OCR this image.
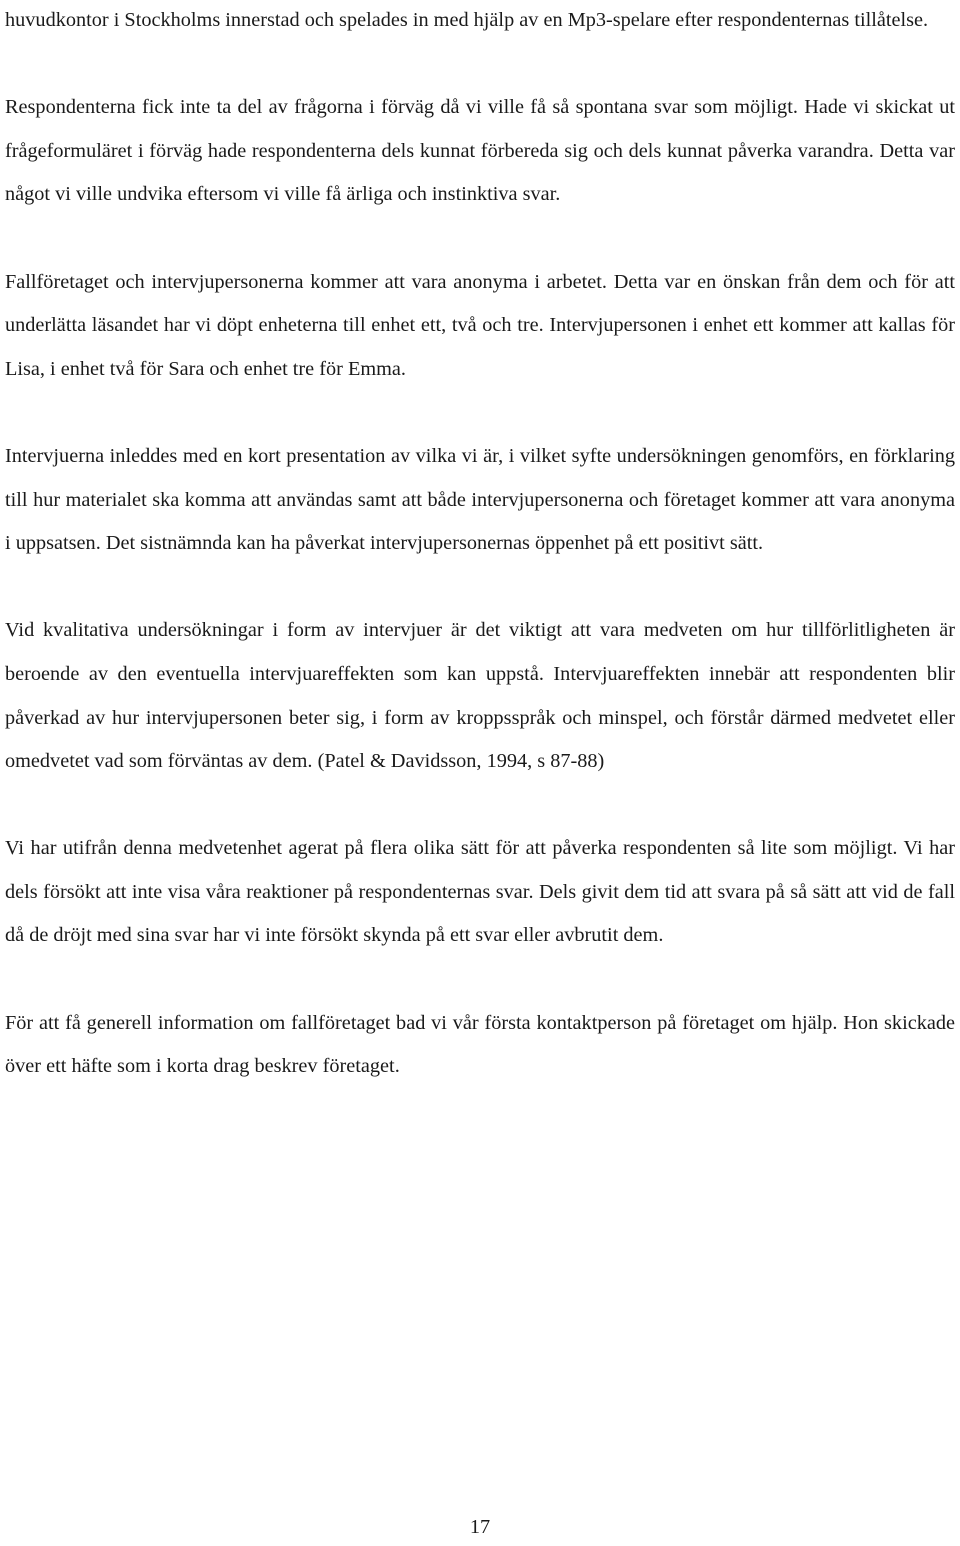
huvudkontor i Stockholms innerstad och spelades in med hjälp av en Mp3-spelare efter respondenternas tillåtelse.

Respondenterna fick inte ta del av frågorna i förväg då vi ville få så spontana svar som möjligt. Hade vi skickat ut frågeformuläret i förväg hade respondenterna dels kunnat förbereda sig och dels kunnat påverka varandra. Detta var något vi ville undvika eftersom vi ville få ärliga och instinktiva svar.

Fallföretaget och intervjupersonerna kommer att vara anonyma i arbetet. Detta var en önskan från dem och för att underlätta läsandet har vi döpt enheterna till enhet ett, två och tre. Intervjupersonen i enhet ett kommer att kallas för Lisa, i enhet två för Sara och enhet tre för Emma.

Intervjuerna inleddes med en kort presentation av vilka vi är, i vilket syfte undersökningen genomförs, en förklaring till hur materialet ska komma att användas samt att både intervjupersonerna och företaget kommer att vara anonyma i uppsatsen. Det sistnämnda kan ha påverkat intervjupersonernas öppenhet på ett positivt sätt.

Vid kvalitativa undersökningar i form av intervjuer är det viktigt att vara medveten om hur tillförlitligheten är beroende av den eventuella intervjuareffekten som kan uppstå. Intervjuareffekten innebär att respondenten blir påverkad av hur intervjupersonen beter sig, i form av kroppsspråk och minspel, och förstår därmed medvetet eller omedvetet vad som förväntas av dem. (Patel & Davidsson, 1994, s 87-88)

Vi har utifrån denna medvetenhet agerat på flera olika sätt för att påverka respondenten så lite som möjligt. Vi har dels försökt att inte visa våra reaktioner på respondenternas svar. Dels givit dem tid att svara på så sätt att vid de fall då de dröjt med sina svar har vi inte försökt skynda på ett svar eller avbrutit dem.

För att få generell information om fallföretaget bad vi vår första kontaktperson på företaget om hjälp. Hon skickade över ett häfte som i korta drag beskrev företaget.

17
